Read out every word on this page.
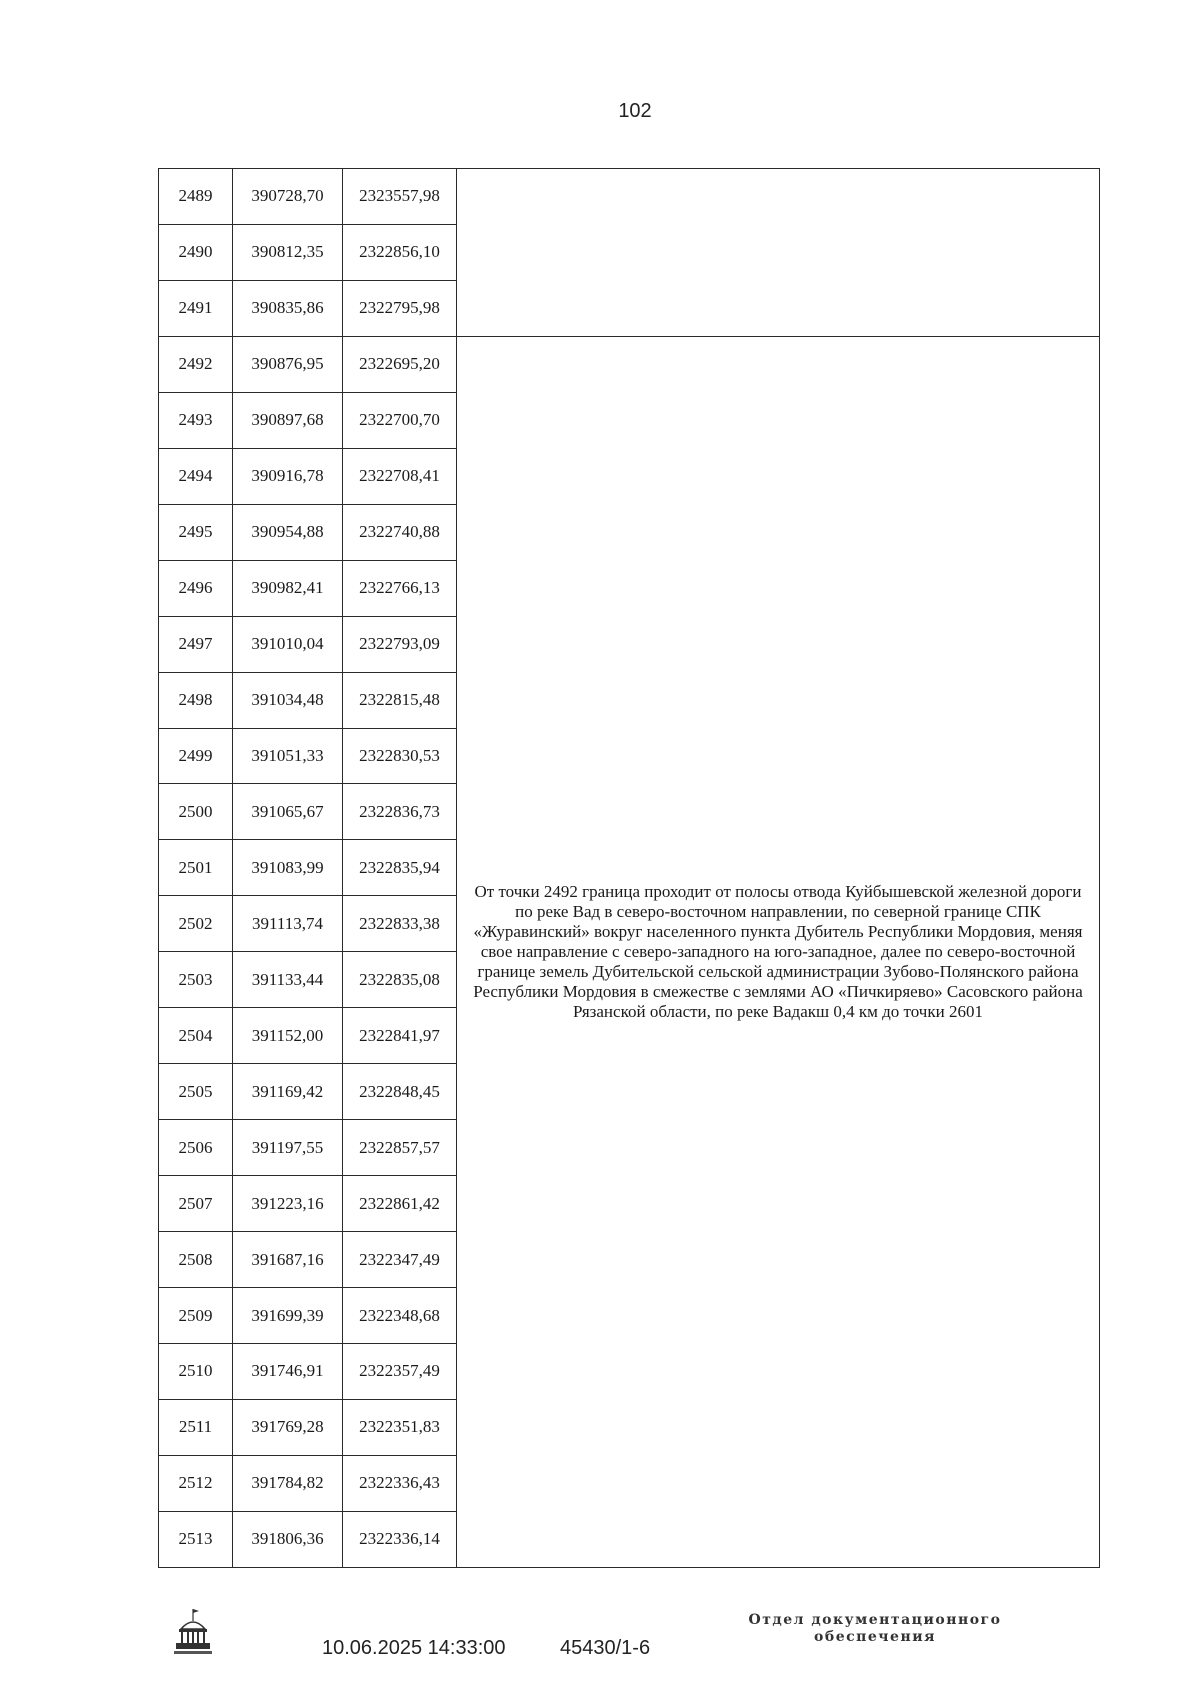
102
2489	390728,70	2323557,98	
2490	390812,35	2322856,10	
2491	390835,86	2322795,98	
2492	390876,95	2322695,20	От точки 2492 граница проходит от полосы отвода Куйбышевской железной дороги по реке Вад в северо-восточном направлении, по северной границе СПК «Журавинский» вокруг населенного пункта Дубитель Республики Мордовия, меняя свое направление с северо-западного на юго-западное, далее по северо-восточной границе земель Дубительской сельской администрации Зубово-Полянского района Республики Мордовия в смежестве с землями АО «Пичкиряево» Сасовского района Рязанской области, по реке Вадакш 0,4 км до точки 2601
2493	390897,68	2322700,70	
2494	390916,78	2322708,41	
2495	390954,88	2322740,88	
2496	390982,41	2322766,13	
2497	391010,04	2322793,09	
2498	391034,48	2322815,48	
2499	391051,33	2322830,53	
2500	391065,67	2322836,73	
2501	391083,99	2322835,94	
2502	391113,74	2322833,38	
2503	391133,44	2322835,08	
2504	391152,00	2322841,97	
2505	391169,42	2322848,45	
2506	391197,55	2322857,57	
2507	391223,16	2322861,42	
2508	391687,16	2322347,49	
2509	391699,39	2322348,68	
2510	391746,91	2322357,49	
2511	391769,28	2322351,83	
2512	391784,82	2322336,43	
2513	391806,36	2322336,14	
10.06.2025 14:33:00	45430/1-6
Отдел документационного
обеспечения
